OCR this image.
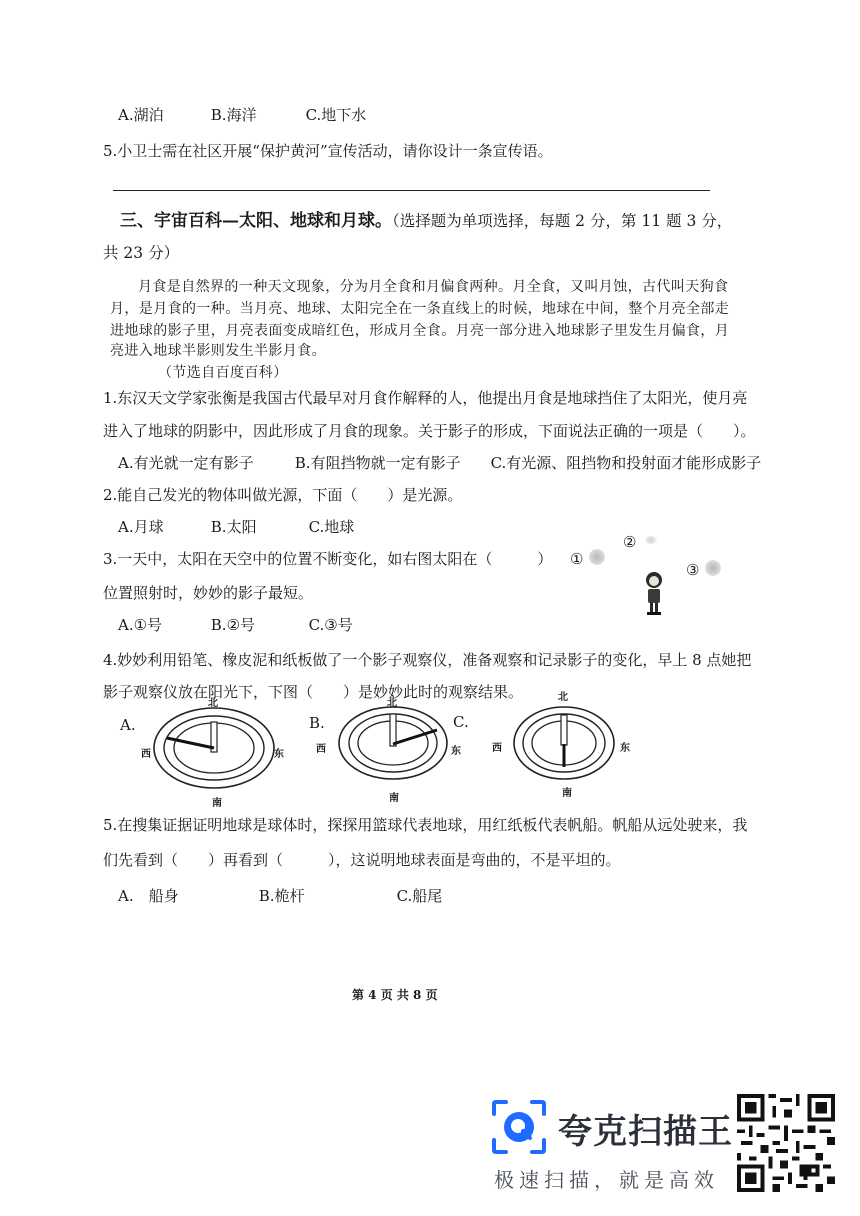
A.湖泊	B.海洋	C.地下水
5.小卫士需在社区开展“保护黄河”宣传活动，请你设计一条宣传语。
三、宇宙百科—太阳、地球和月球。（选择题为单项选择，每题 2 分，第 11 题 3 分，
共 23 分）
月食是自然界的一种天文现象，分为月全食和月偏食两种。月全食，又叫月蚀，古代叫天狗食
月，是月食的一种。当月亮、地球、太阳完全在一条直线上的时候，地球在中间，整个月亮全部走
进地球的影子里，月亮表面变成暗红色，形成月全食。月亮一部分进入地球影子里发生月偏食，月
亮进入地球半影则发生半影月食。
（节选自百度百科）
1.东汉天文学家张衡是我国古代最早对月食作解释的人，他提出月食是地球挡住了太阳光，使月亮
进入了地球的阴影中，因此形成了月食的现象。关于影子的形成，下面说法正确的一项是（　　）。
A.有光就一定有影子	B.有阻挡物就一定有影子 C.有光源、阻挡物和投射面才能形成影子
2.能自己发光的物体叫做光源，下面（　　）是光源。
A.月球	B.太阳	C.地球
3.一天中，太阳在天空中的位置不断变化，如右图太阳在（　　　）
位置照射时，妙妙的影子最短。
A.①号	B.②号	C.③号
①
②
③
4.妙妙利用铅笔、橡皮泥和纸板做了一个影子观察仪，准备观察和记录影子的变化，早上 8 点她把
影子观察仪放在阳光下，下图（　　）是妙妙此时的观察结果。
A.
北
西	东
南
B.
北
西	东
南
C.
北
西	东
南
5.在搜集证据证明地球是球体时，探探用篮球代表地球，用红纸板代表帆船。帆船从远处驶来，我
们先看到（　　）再看到（　　　），这说明地球表面是弯曲的，不是平坦的。
A.　船身	B.桅杆	C.船尾
第 4 页 共 8 页
夸克扫描王
极速扫描，就是高效
